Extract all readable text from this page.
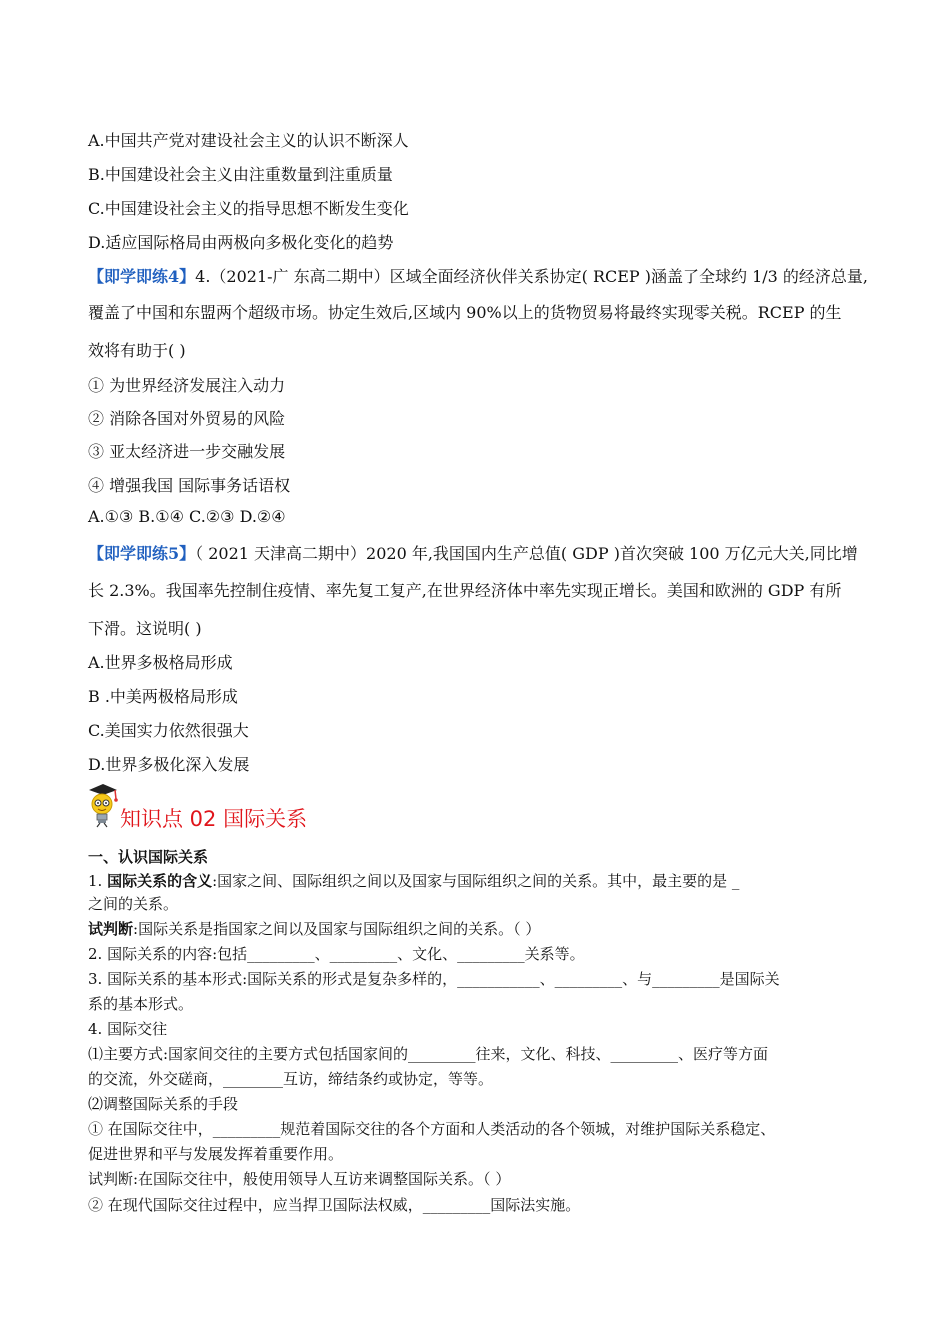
A.中国共产党对建设社会主义的认识不断深人
B.中国建设社会主义由注重数量到注重质量
C.中国建设社会主义的指导思想不断发生变化
D.适应国际格局由两极向多极化变化的趋势
【即学即练4】4.（2021-广 东高二期中）区域全面经济伙伴关系协定( RCEP )涵盖了全球约 1/3 的经济总量,
覆盖了中国和东盟两个超级市场。协定生效后,区域内 90%以上的货物贸易将最终实现零关税。RCEP 的生
效将有助于( )
① 为世界经济发展注入动力
② 消除各国对外贸易的风险
③ 亚太经济进一步交融发展
④ 增强我国 国际事务话语权
A.①③ B.①④ C.②③ D.②④
【即学即练5】（ 2021 天津高二期中）2020 年,我国国内生产总值( GDP )首次突破 100 万亿元大关,同比增
长 2.3%。我国率先控制住疫情、率先复工复产,在世界经济体中率先实现正增长。美国和欧洲的 GDP 有所
下滑。这说明( )
A.世界多极格局形成
B .中美两极格局形成
C.美国实力依然很强大
D.世界多极化深入发展
知识点 02 国际关系
一、认识国际关系
1. 国际关系的含义:国家之间、国际组织之间以及国家与国际组织之间的关系。其中，最主要的是 _
之间的关系。
试判断:国际关系是指国家之间以及国家与国际组织之间的关系。（ ）
2. 国际关系的内容:包括_________、_________、文化、_________关系等。
3. 国际关系的基本形式:国际关系的形式是复杂多样的，___________、_________、与_________是国际关
系的基本形式。
4. 国际交往
⑴主要方式:国家间交往的主要方式包括国家间的_________往来，文化、科技、_________、医疗等方面
的交流，外交磋商，________互访，缔结条约或协定，等等。
⑵调整国际关系的手段
① 在国际交往中，_________规范着国际交往的各个方面和人类活动的各个领城，对维护国际关系稳定、
促进世界和平与发展发挥着重要作用。
试判断:在国际交往中，般使用领导人互访来调整国际关系。（ ）
② 在现代国际交往过程中，应当捍卫国际法权威，_________国际法实施。
